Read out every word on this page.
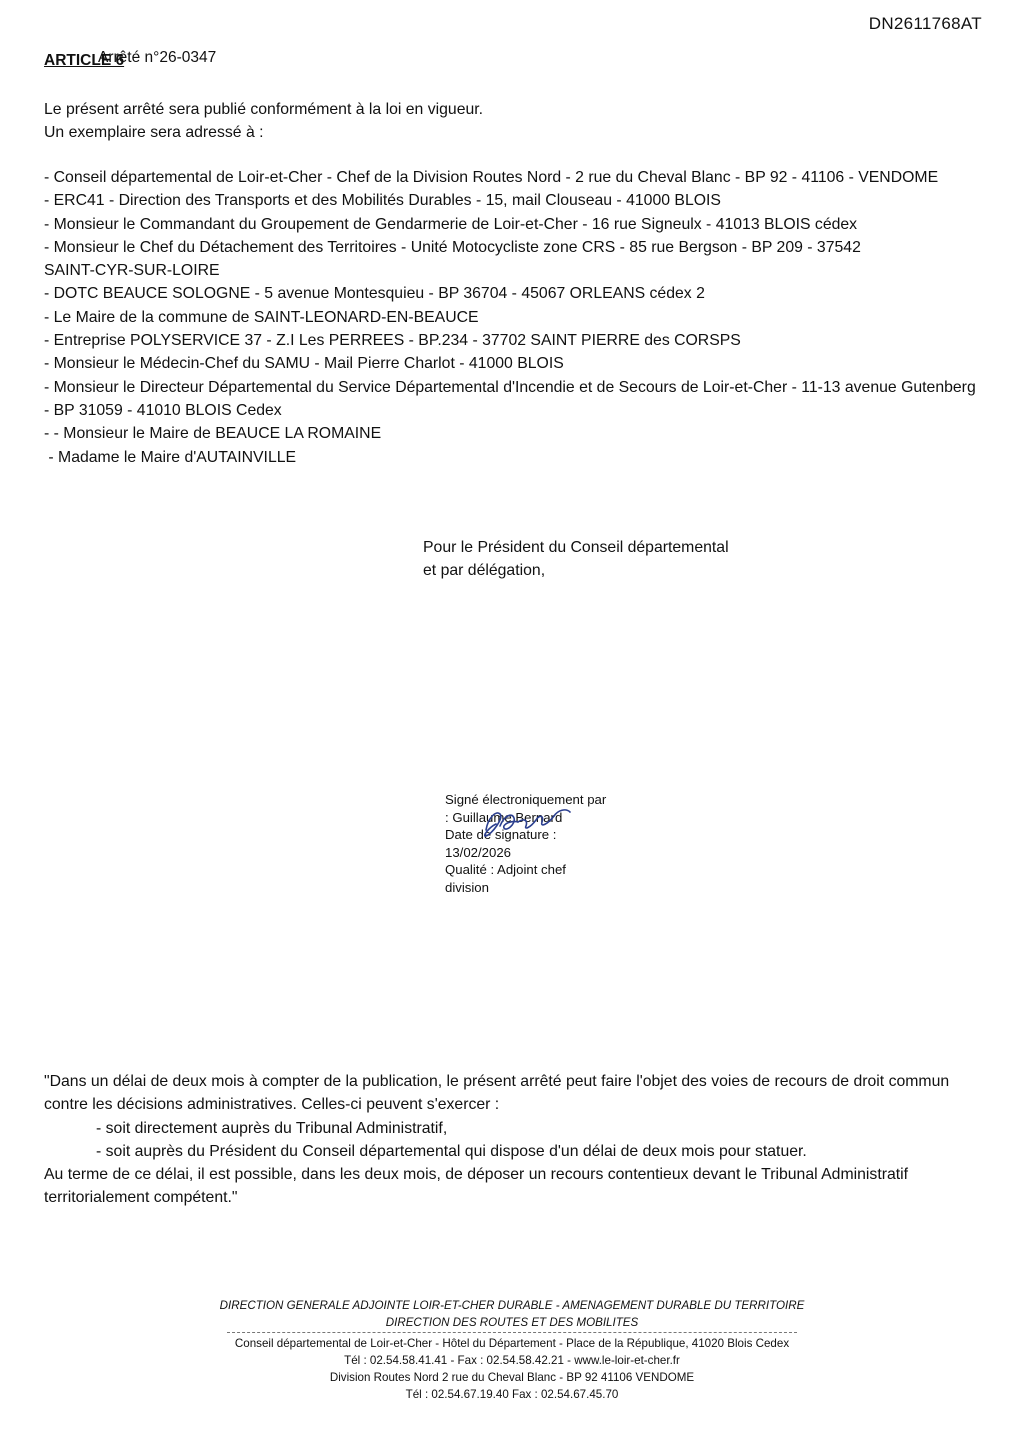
DN2611768AT
ARTICLE 6
Arrêté n°26-0347
Le présent arrêté sera publié conformément à la loi en vigueur.
Un exemplaire sera adressé à :
- Conseil départemental de Loir-et-Cher - Chef de la Division Routes Nord - 2 rue du Cheval Blanc - BP 92 - 41106 - VENDOME
- ERC41 - Direction des Transports et des Mobilités Durables - 15, mail Clouseau - 41000 BLOIS
- Monsieur le Commandant du Groupement de Gendarmerie de Loir-et-Cher - 16 rue Signeulx - 41013 BLOIS cédex
- Monsieur le Chef du Détachement des Territoires - Unité Motocycliste zone CRS - 85 rue Bergson - BP 209 - 37542
SAINT-CYR-SUR-LOIRE
- DOTC BEAUCE SOLOGNE - 5 avenue Montesquieu - BP 36704 - 45067 ORLEANS cédex 2
- Le Maire de la commune de SAINT-LEONARD-EN-BEAUCE
- Entreprise POLYSERVICE 37 - Z.I Les PERREES - BP.234 - 37702 SAINT PIERRE des CORSPS
- Monsieur le Médecin-Chef du SAMU - Mail Pierre Charlot - 41000 BLOIS
- Monsieur le Directeur Départemental du Service Départemental d'Incendie et de Secours de Loir-et-Cher - 11-13 avenue Gutenberg
- BP 31059 - 41010 BLOIS Cedex
- - Monsieur le Maire de BEAUCE LA ROMAINE
- Madame le Maire d'AUTAINVILLE
Pour le Président du Conseil départemental
et par délégation,
Signé électroniquement par
: Guillaume Bernard
Date de signature :
13/02/2026
Qualité : Adjoint chef
division
"Dans un délai de deux mois à compter de la publication, le présent arrêté peut faire l'objet des voies de recours de droit commun
contre les décisions administratives. Celles-ci peuvent s'exercer :
- soit directement auprès du Tribunal Administratif,
- soit auprès du Président du Conseil départemental qui dispose d'un délai de deux mois pour statuer.
Au terme de ce délai, il est possible, dans les deux mois, de déposer un recours contentieux devant le Tribunal Administratif
territorialement compétent."
DIRECTION GENERALE ADJOINTE LOIR-ET-CHER DURABLE - AMENAGEMENT DURABLE DU TERRITOIRE
DIRECTION DES ROUTES ET DES MOBILITES
Conseil départemental de Loir-et-Cher - Hôtel du Département - Place de la République, 41020 Blois Cedex
Tél : 02.54.58.41.41 - Fax : 02.54.58.42.21 - www.le-loir-et-cher.fr
Division Routes Nord 2 rue du Cheval Blanc - BP 92 41106 VENDOME
Tél : 02.54.67.19.40 Fax : 02.54.67.45.70
